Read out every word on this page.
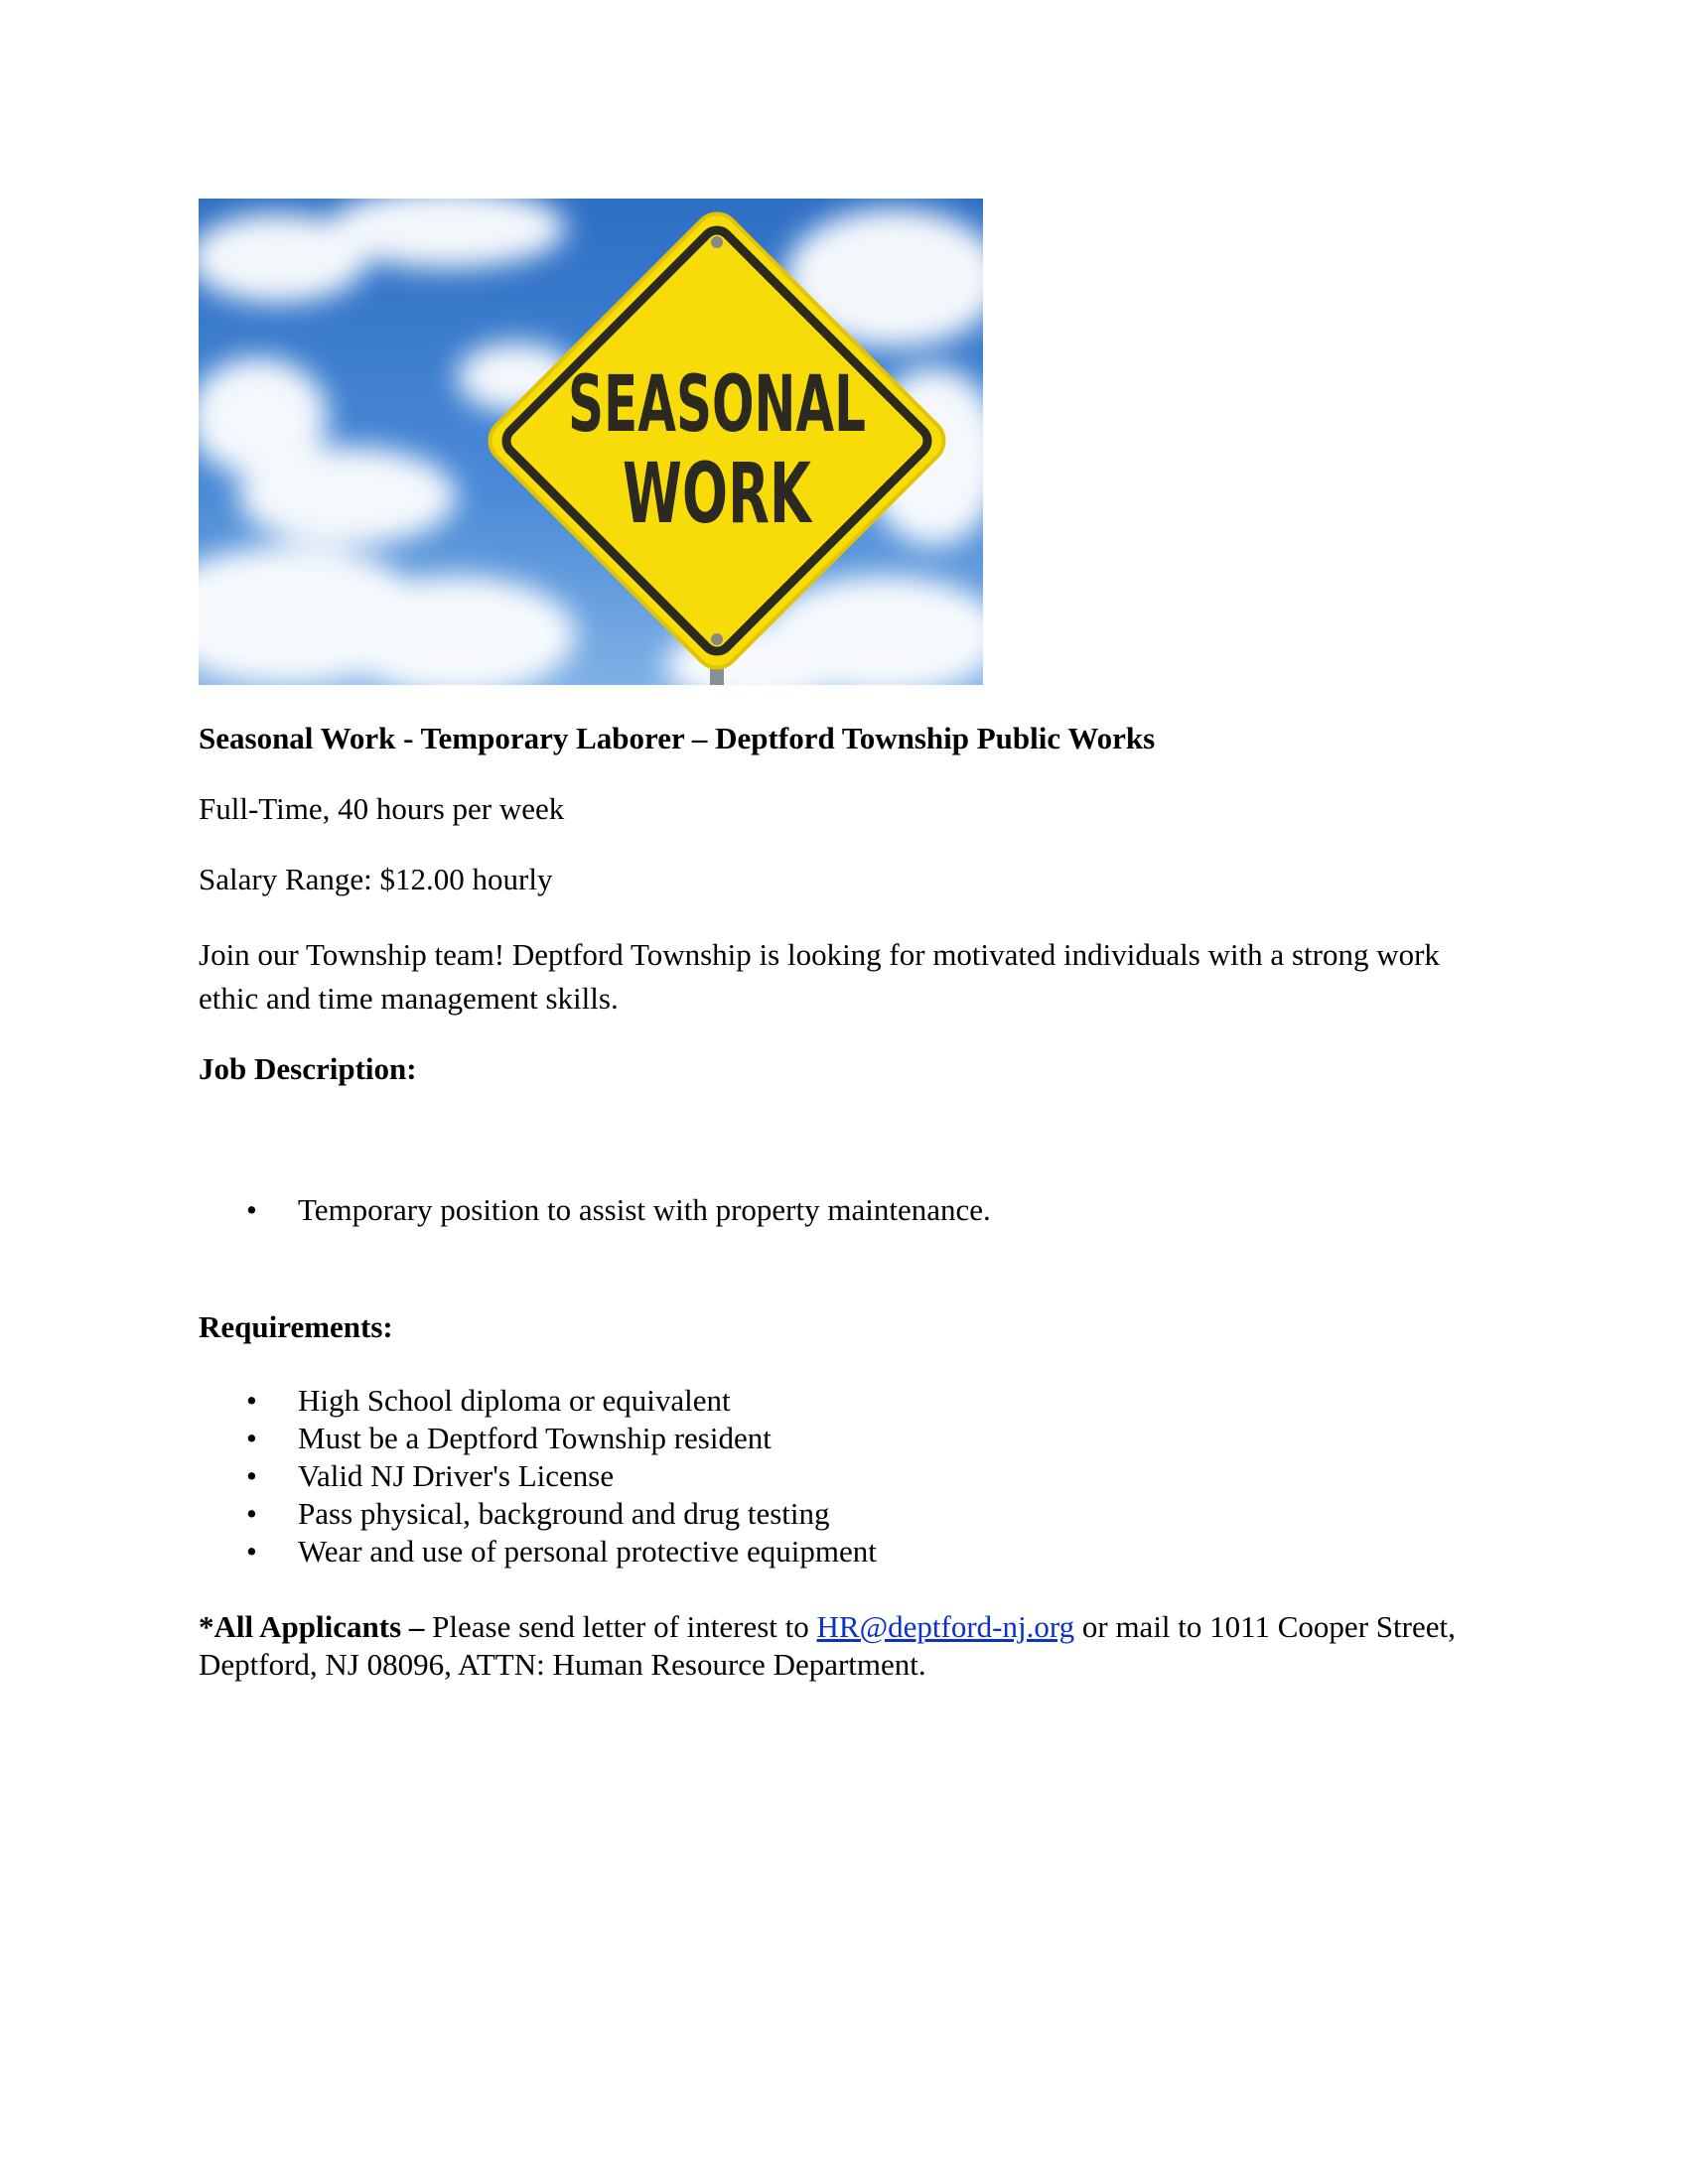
SEASONAL
WORK
Seasonal Work - Temporary Laborer – Deptford Township Public Works
Full-Time, 40 hours per week
Salary Range: $12.00 hourly
Join our Township team! Deptford Township is looking for motivated individuals with a strong work ethic and time management skills.
Job Description:
• Temporary position to assist with property maintenance.
Requirements:
• High School diploma or equivalent
• Must be a Deptford Township resident
• Valid NJ Driver's License
• Pass physical, background and drug testing
• Wear and use of personal protective equipment
*All Applicants – Please send letter of interest to HR@deptford-nj.org or mail to 1011 Cooper Street, Deptford, NJ 08096, ATTN: Human Resource Department.
